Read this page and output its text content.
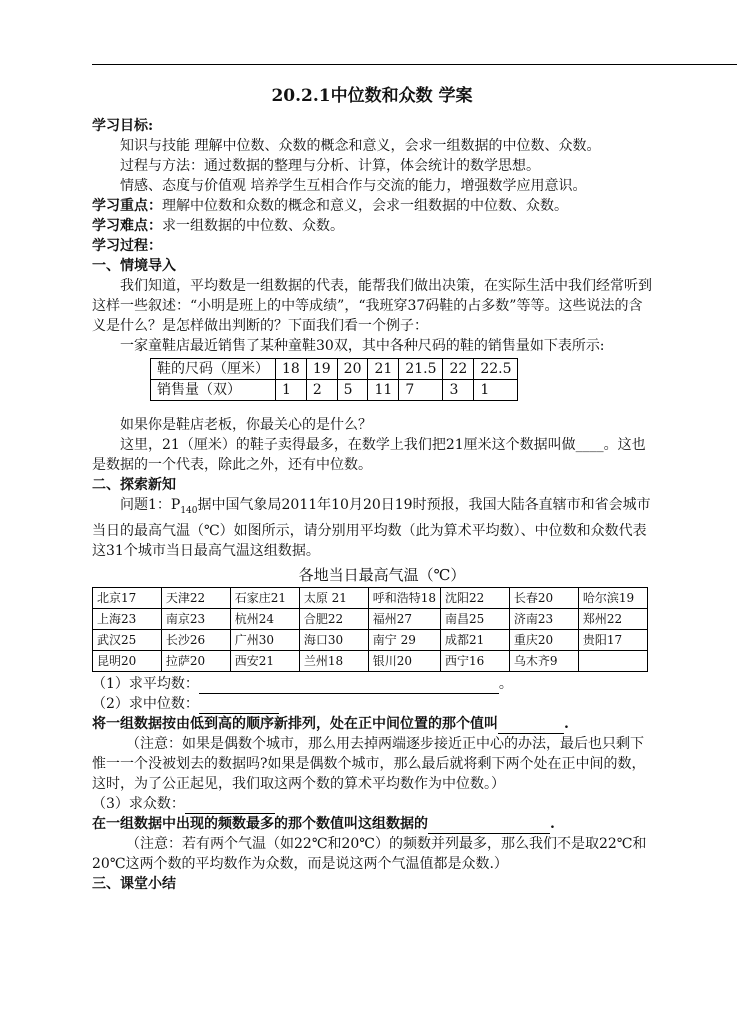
20.2.1中位数和众数 学案

学习目标:

知识与技能 理解中位数、众数的概念和意义，会求一组数据的中位数、众数。

过程与方法：通过数据的整理与分析、计算，体会统计的数学思想。

情感、态度与价值观 培养学生互相合作与交流的能力，增强数学应用意识。

学习重点：理解中位数和众数的概念和意义，会求一组数据的中位数、众数。

学习难点：求一组数据的中位数、众数。

学习过程：

一、情境导入

我们知道，平均数是一组数据的代表，能帮我们做出决策，在实际生活中我们经常听到这样一些叙述：“小明是班上的中等成绩”，“我班穿37码鞋的占多数”等等。这些说法的含义是什么？是怎样做出判断的？下面我们看一个例子：

一家童鞋店最近销售了某种童鞋30双，其中各种尺码的鞋的销售量如下表所示:

鞋的尺码（厘米）	18	19	20	21	21.5	22	22.5
销售量（双）	1	2	5	11	7	3	1

如果你是鞋店老板，你最关心的是什么？

这里，21（厘米）的鞋子卖得最多，在数学上我们把21厘米这个数据叫做____。这也是数据的一个代表，除此之外，还有中位数。

二、探索新知

问题1：$P_{140}$据中国气象局2011年10月20日19时预报，我国大陆各直辖市和省会城市当日的最高气温（℃）如图所示，请分别用平均数（此为算术平均数）、中位数和众数代表这31个城市当日最高气温这组数据。

各地当日最高气温（℃）
北京17	天津22	石家庄21	太原 21	呼和浩特18	沈阳22	长春20	哈尔滨19
上海23	南京23	杭州24	合肥22	福州27	南昌25	济南23	郑州22
武汉25	长沙26	广州30	海口30	南宁 29	成都21	重庆20	贵阳17
昆明20	拉萨20	西安21	兰州18	银川20	西宁16	乌木齐9	

（1）求平均数：	。

（2）求中位数：

将一组数据按由低到高的顺序新排列，处在正中间位置的那个值叫	.

（注意：如果是偶数个城市，那么用去掉两端逐步接近正中心的办法，最后也只剩下惟一一个没被划去的数据吗?如果是偶数个城市，那么最后就将剩下两个处在正中间的数，这时，为了公正起见，我们取这两个数的算术平均数作为中位数。）

（3）求众数：

在一组数据中出现的频数最多的那个数值叫这组数据的	.

（注意：若有两个气温（如22℃和20℃）的频数并列最多，那么我们不是取22℃和20℃这两个数的平均数作为众数，而是说这两个气温值都是众数.）

三、课堂小结
